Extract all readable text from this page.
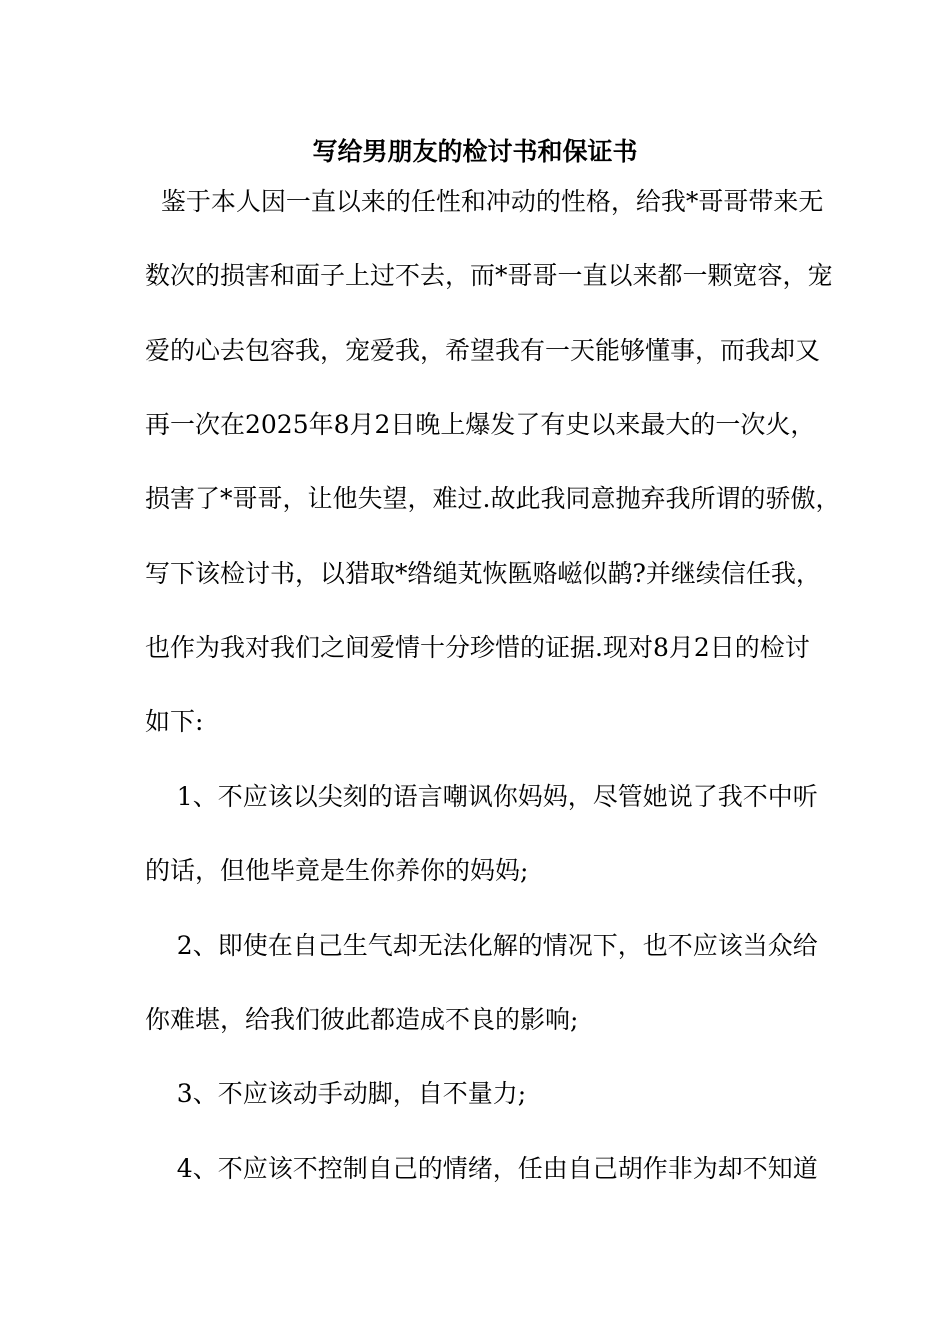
写给男朋友的检讨书和保证书
鉴于本人因一直以来的任性和冲动的性格，给我*哥哥带来无
数次的损害和面子上过不去，而*哥哥一直以来都一颗宽容，宠
爱的心去包容我，宠爱我，希望我有一天能够懂事，而我却又
再一次在2025年8月2日晚上爆发了有史以来最大的一次火，
损害了*哥哥，让他失望，难过.故此我同意抛弃我所谓的骄傲，
写下该检讨书，以猎取*绺缒芄恢匦赂嵫似鹋?并继续信任我，
也作为我对我们之间爱情十分珍惜的证据.现对8月2日的检讨
如下:
1、不应该以尖刻的语言嘲讽你妈妈，尽管她说了我不中听
的话，但他毕竟是生你养你的妈妈;
2、即使在自己生气却无法化解的情况下，也不应该当众给
你难堪，给我们彼此都造成不良的影响;
3、不应该动手动脚，自不量力;
4、不应该不控制自己的情绪，任由自己胡作非为却不知道
